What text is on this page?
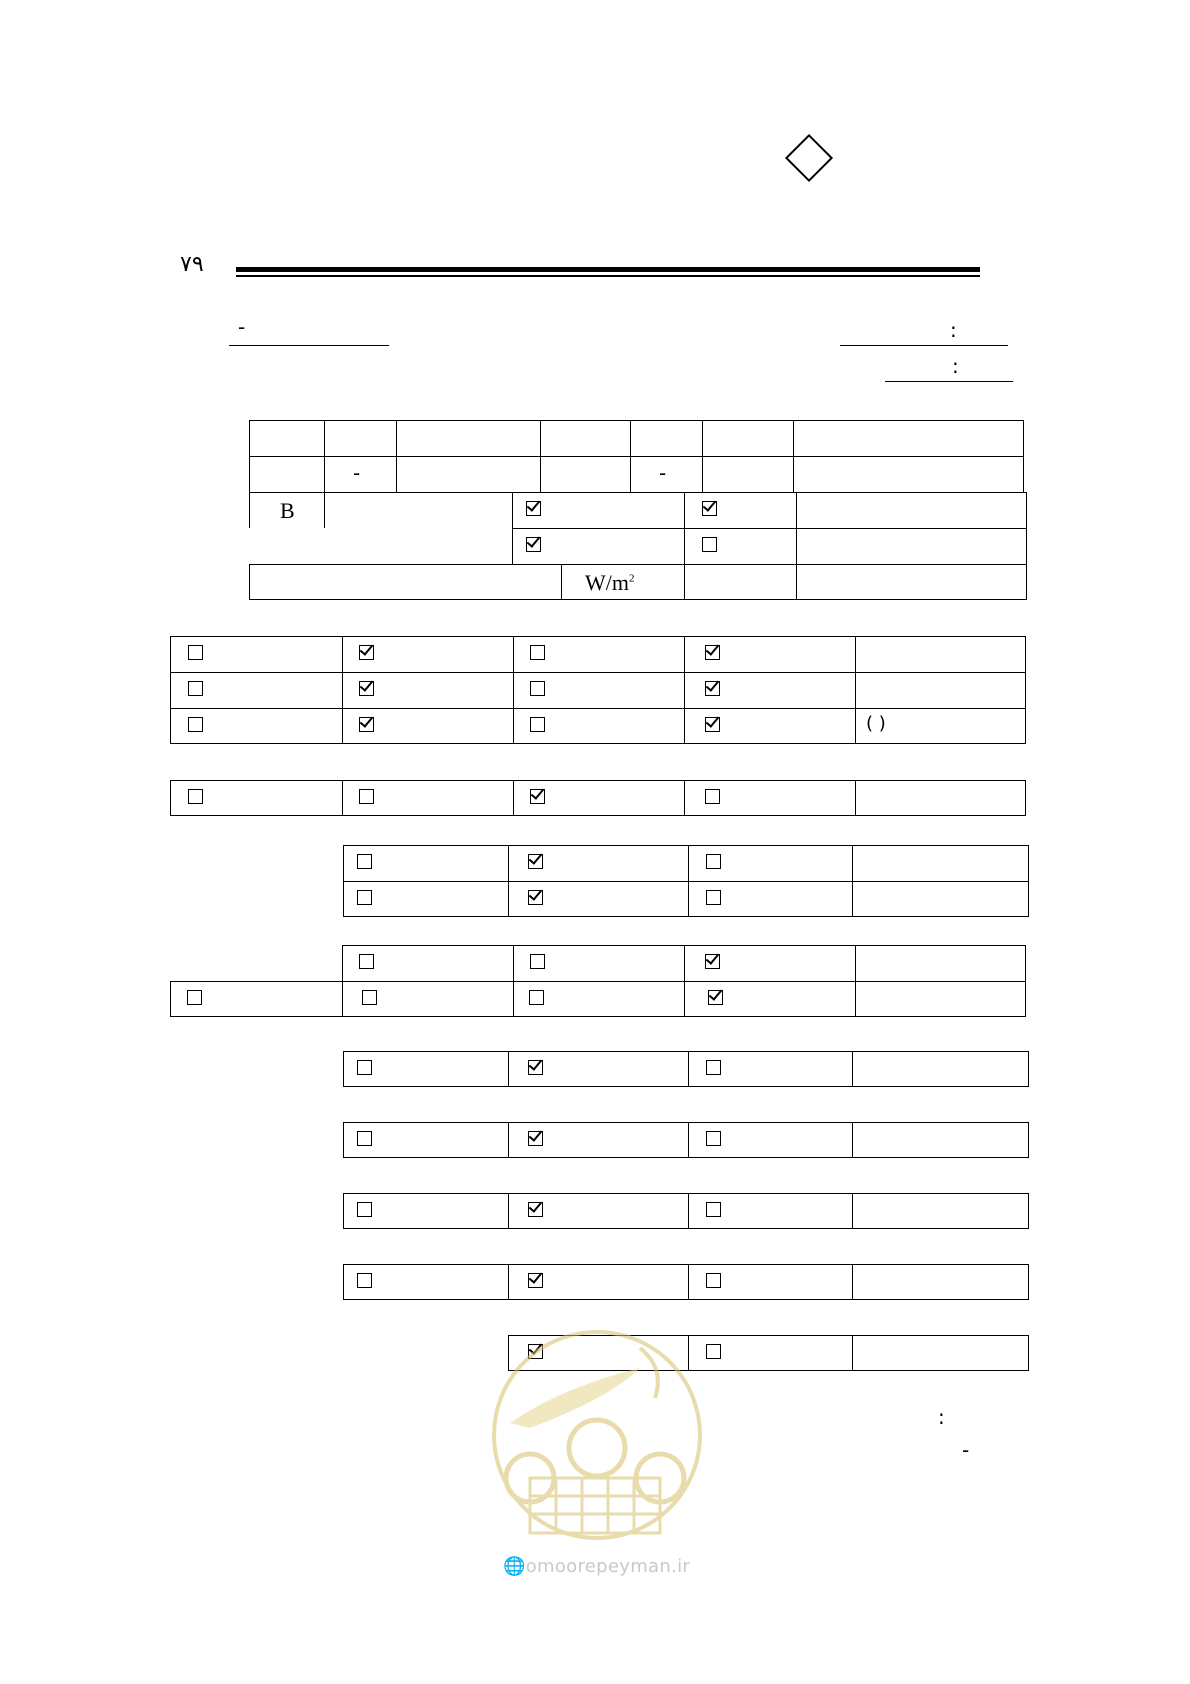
۷۹
-	:
:
-	-
B
$W/m^2$
( )
:
-
🌐omoorepeyman.ir
